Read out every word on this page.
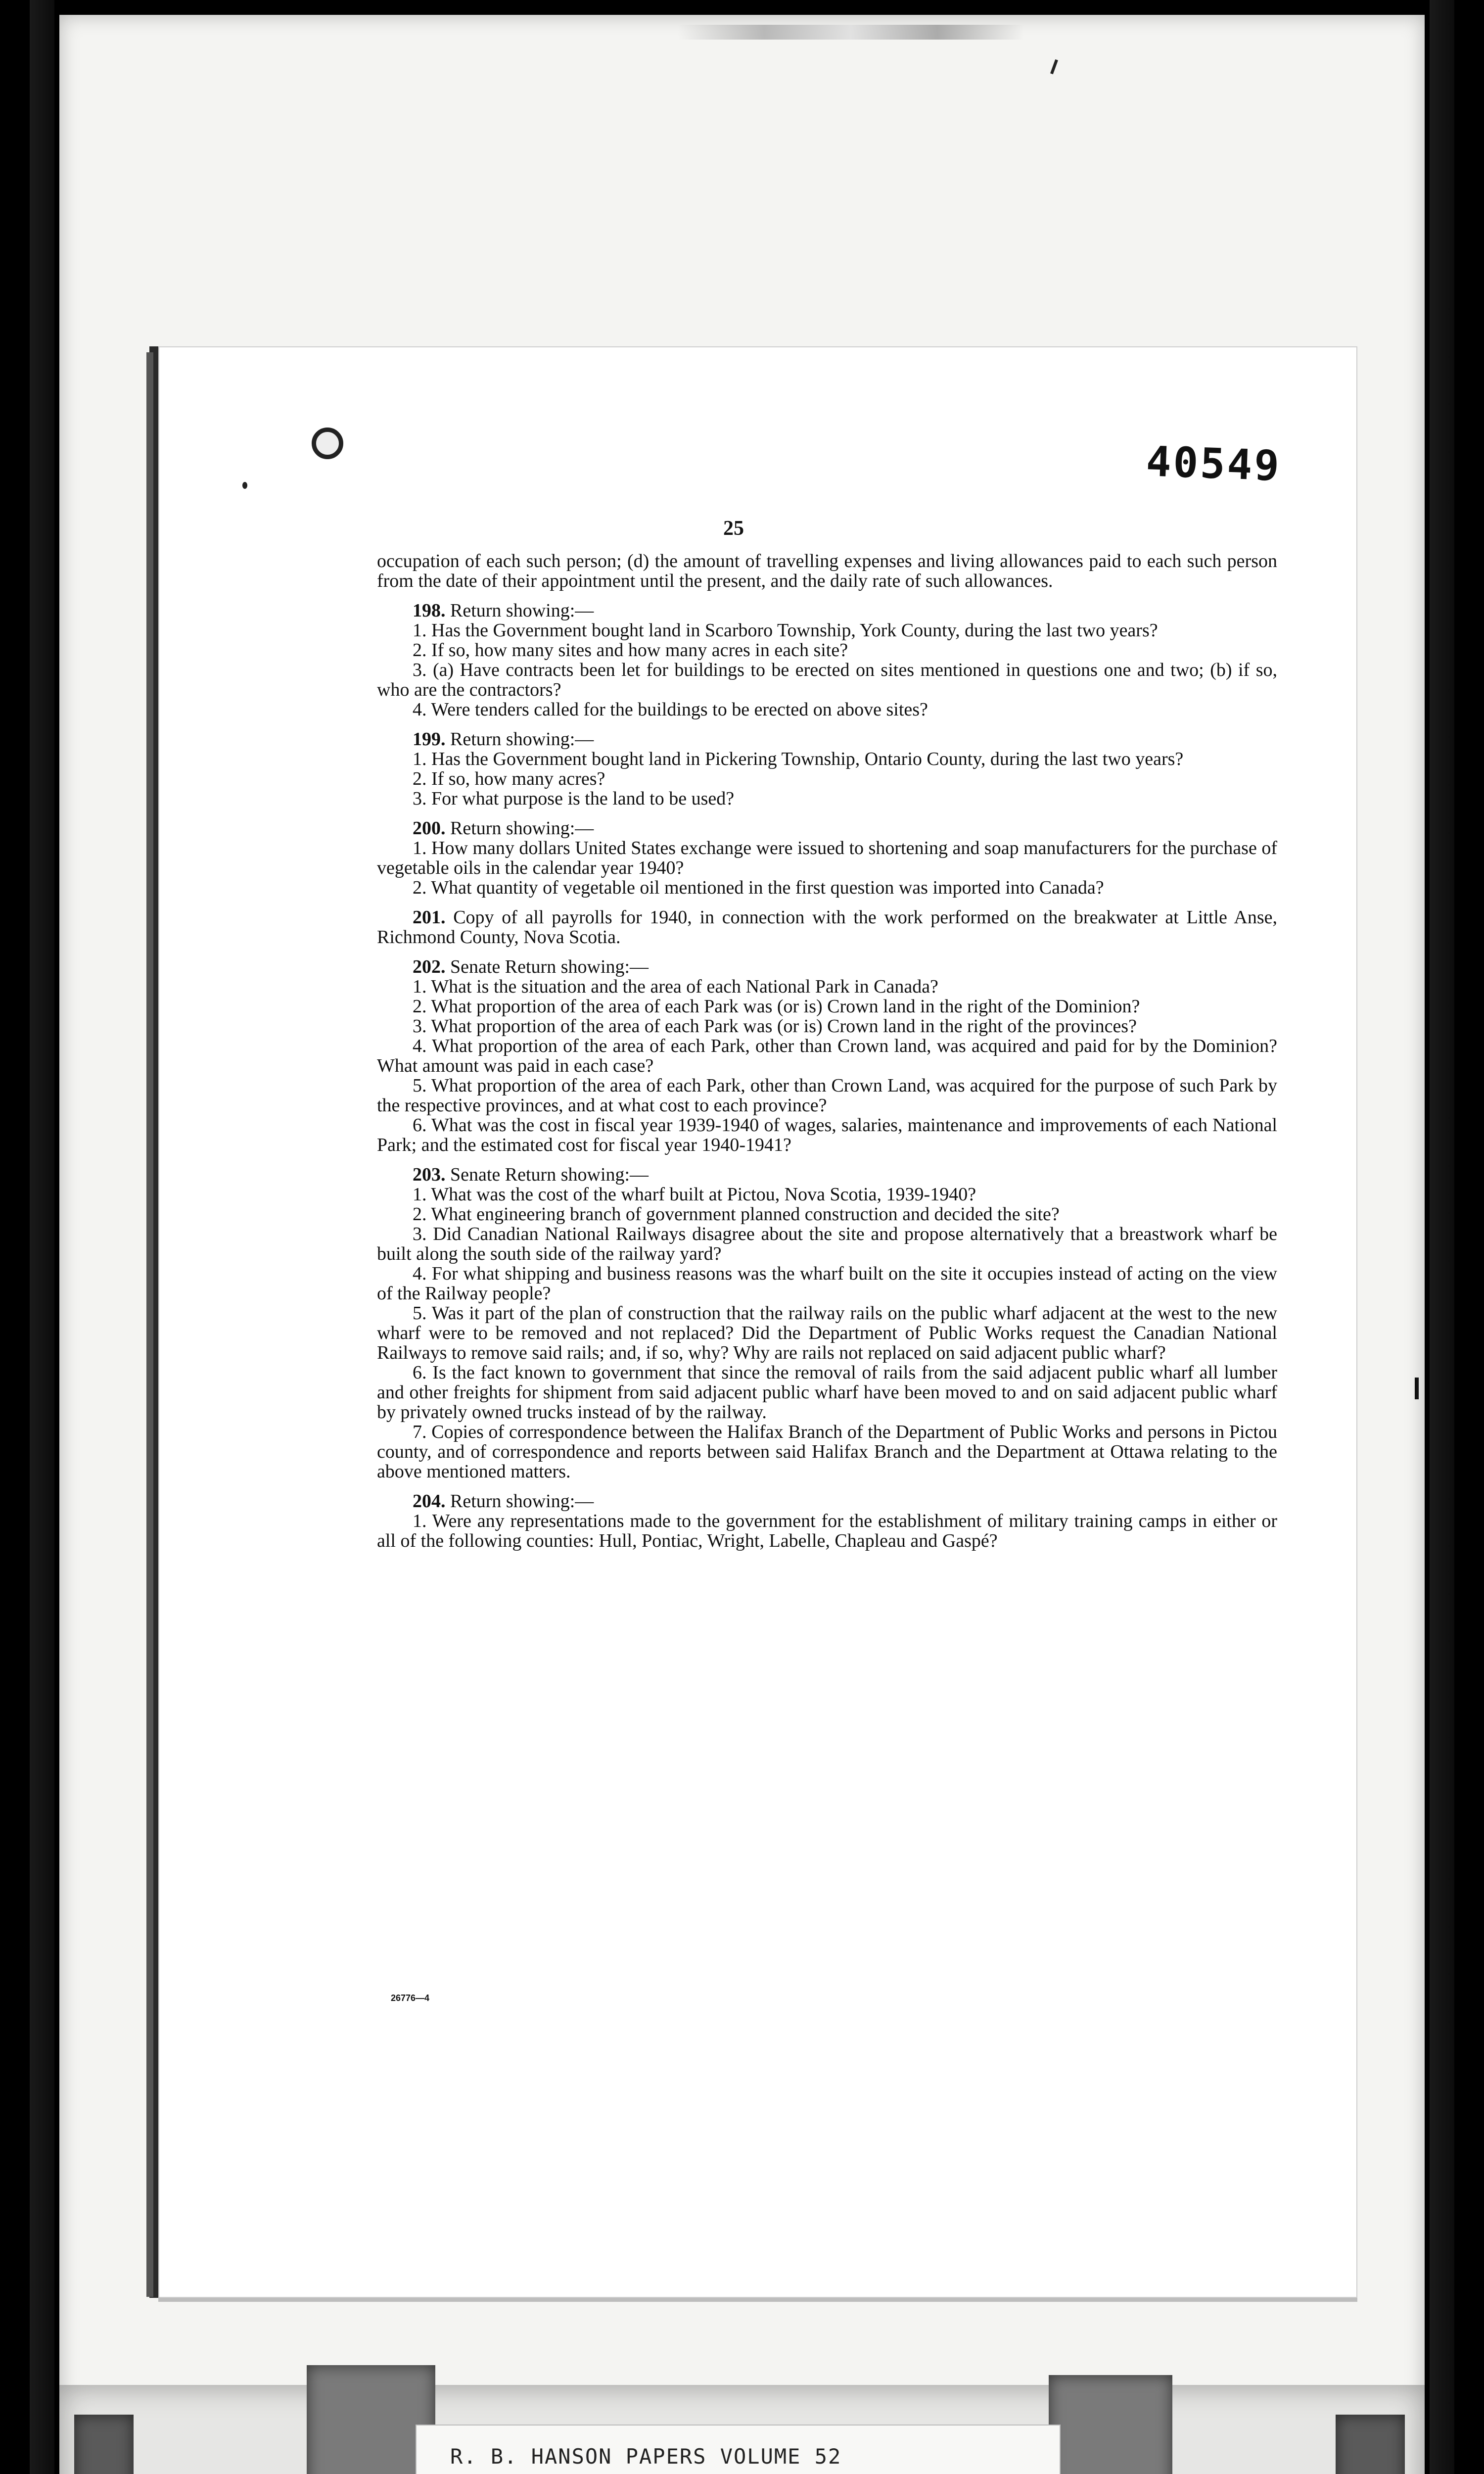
40549
25

occupation of each such person; (d) the amount of travelling expenses and living allowances paid to each such person from the date of their appointment until the present, and the daily rate of such allowances.

198. Return showing:—

1. Has the Government bought land in Scarboro Township, York County, during the last two years?

2. If so, how many sites and how many acres in each site?

3. (a) Have contracts been let for buildings to be erected on sites mentioned in questions one and two; (b) if so, who are the contractors?

4. Were tenders called for the buildings to be erected on above sites?

199. Return showing:—

1. Has the Government bought land in Pickering Township, Ontario County, during the last two years?

2. If so, how many acres?

3. For what purpose is the land to be used?

200. Return showing:—

1. How many dollars United States exchange were issued to shortening and soap manufacturers for the purchase of vegetable oils in the calendar year 1940?

2. What quantity of vegetable oil mentioned in the first question was imported into Canada?

201. Copy of all payrolls for 1940, in connection with the work performed on the breakwater at Little Anse, Richmond County, Nova Scotia.

202. Senate Return showing:—

1. What is the situation and the area of each National Park in Canada?

2. What proportion of the area of each Park was (or is) Crown land in the right of the Dominion?

3. What proportion of the area of each Park was (or is) Crown land in the right of the provinces?

4. What proportion of the area of each Park, other than Crown land, was acquired and paid for by the Dominion? What amount was paid in each case?

5. What proportion of the area of each Park, other than Crown Land, was acquired for the purpose of such Park by the respective provinces, and at what cost to each province?

6. What was the cost in fiscal year 1939-1940 of wages, salaries, maintenance and improvements of each National Park; and the estimated cost for fiscal year 1940-1941?

203. Senate Return showing:—

1. What was the cost of the wharf built at Pictou, Nova Scotia, 1939-1940?

2. What engineering branch of government planned construction and decided the site?

3. Did Canadian National Railways disagree about the site and propose alternatively that a breastwork wharf be built along the south side of the railway yard?

4. For what shipping and business reasons was the wharf built on the site it occupies instead of acting on the view of the Railway people?

5. Was it part of the plan of construction that the railway rails on the public wharf adjacent at the west to the new wharf were to be removed and not replaced? Did the Department of Public Works request the Canadian National Railways to remove said rails; and, if so, why? Why are rails not replaced on said adjacent public wharf?

6. Is the fact known to government that since the removal of rails from the said adjacent public wharf all lumber and other freights for shipment from said adjacent public wharf have been moved to and on said adjacent public wharf by privately owned trucks instead of by the railway.

7. Copies of correspondence between the Halifax Branch of the Department of Public Works and persons in Pictou county, and of correspondence and reports between said Halifax Branch and the Department at Ottawa relating to the above mentioned matters.

204. Return showing:—

1. Were any representations made to the government for the establishment of military training camps in either or all of the following counties: Hull, Pontiac, Wright, Labelle, Chapleau and Gaspé?

26776—4
R. B. HANSON PAPERS VOLUME 52
